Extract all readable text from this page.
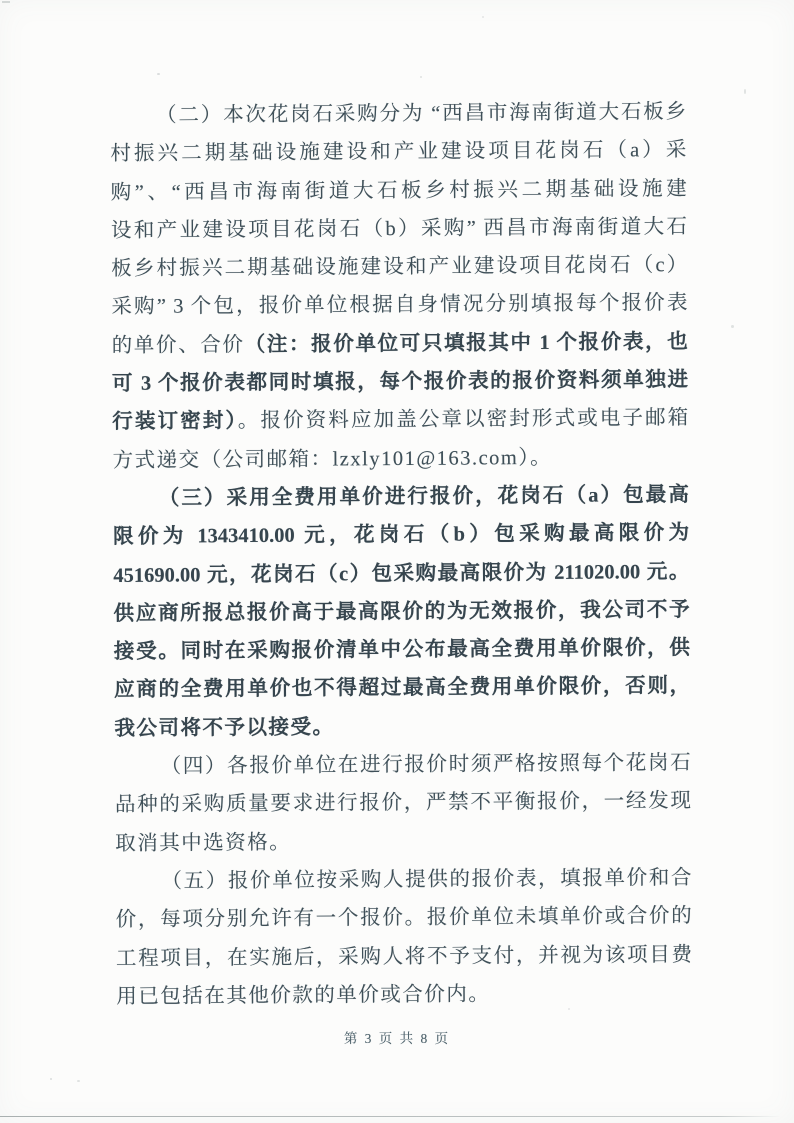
（二）本次花岗石采购分为 “西昌市海南街道大石板乡
村振兴二期基础设施建设和产业建设项目花岗石（a）采
购”、“西昌市海南街道大石板乡村振兴二期基础设施建
设和产业建设项目花岗石（b）采购” 西昌市海南街道大石
板乡村振兴二期基础设施建设和产业建设项目花岗石（c）
采购” 3 个包，报价单位根据自身情况分别填报每个报价表
的单价、合价（注：报价单位可只填报其中 1 个报价表，也
可 3 个报价表都同时填报，每个报价表的报价资料须单独进
行装订密封）。报价资料应加盖公章以密封形式或电子邮箱
方式递交（公司邮箱：lzxly101@163.com）。
（三）采用全费用单价进行报价，花岗石（a）包最高
限价为 1343410.00 元，花岗石（b）包采购最高限价为
451690.00 元，花岗石（c）包采购最高限价为 211020.00 元。
供应商所报总报价高于最高限价的为无效报价，我公司不予
接受。同时在采购报价清单中公布最高全费用单价限价，供
应商的全费用单价也不得超过最高全费用单价限价，否则，
我公司将不予以接受。
（四）各报价单位在进行报价时须严格按照每个花岗石
品种的采购质量要求进行报价，严禁不平衡报价，一经发现
取消其中选资格。
（五）报价单位按采购人提供的报价表，填报单价和合
价，每项分别允许有一个报价。报价单位未填单价或合价的
工程项目，在实施后，采购人将不予支付，并视为该项目费
用已包括在其他价款的单价或合价内。
第 3 页 共 8 页
